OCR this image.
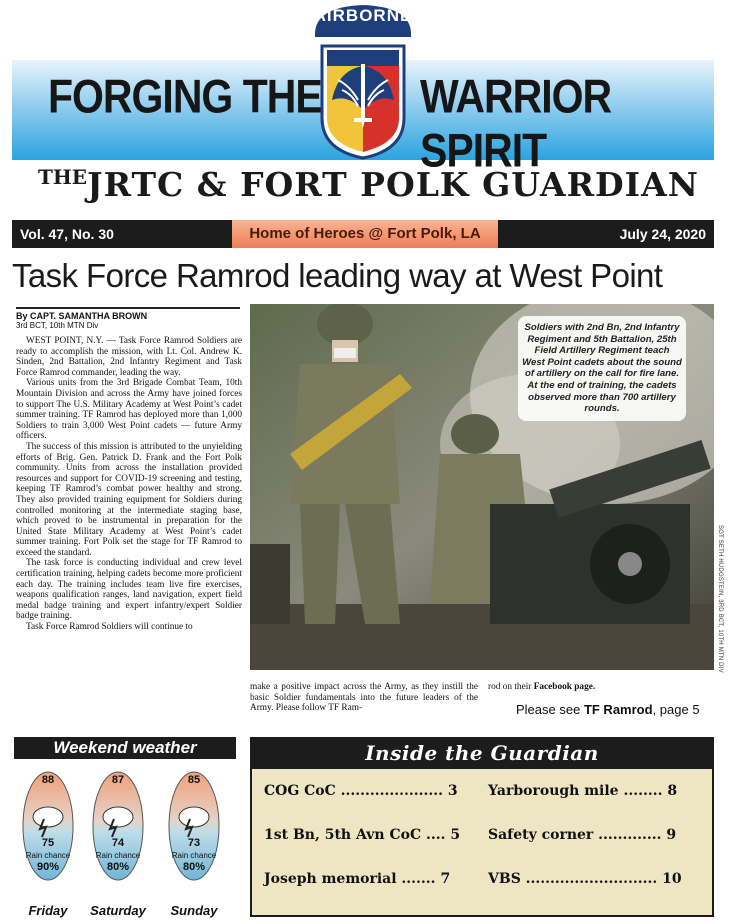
FORGING THE WARRIOR SPIRIT
AIRBORNE
THEJRTC & FORT POLK GUARDIAN
Vol. 47, No. 30	Home of Heroes @ Fort Polk, LA	July 24, 2020
Task Force Ramrod leading way at West Point
By CAPT. SAMANTHA BROWN
3rd BCT, 10th MTN Div

WEST POINT, N.Y. — Task Force Ramrod Soldiers are ready to accomplish the mission, with Lt. Col. Andrew K. Sinden, 2nd Battalion, 2nd Infantry Regiment and Task Force Ramrod commander, leading the way.

Various units from the 3rd Brigade Combat Team, 10th Mountain Division and across the Army have joined forces to support The U.S. Military Academy at West Point’s cadet summer training. TF Ramrod has deployed more than 1,000 Soldiers to train 3,000 West Point cadets — future Army officers.

The success of this mission is attributed to the unyielding efforts of Brig. Gen. Patrick D. Frank and the Fort Polk community. Units from across the installation provided resources and support for COVID-19 screening and testing, keeping TF Ramrod’s combat power healthy and strong. They also provided training equipment for Soldiers during controlled monitoring at the intermediate staging base, which proved to be instrumental in preparation for the United State Military Academy at West Point’s cadet summer training. Fort Polk set the stage for TF Ramrod to exceed the standard.

The task force is conducting individual and crew level certification training, helping cadets become more proficient each day. The training includes team live fire exercises, weapons qualification ranges, land navigation, expert field medal badge training and expert infantry/expert Soldier badge training.

Task Force Ramrod Soldiers will continue to

Soldiers with 2nd Bn, 2nd Infantry Regiment and 5th Battalion, 25th Field Artillery Regiment teach West Point cadets about the sound of artillery on the call for fire lane. At the end of training, the cadets observed more than 700 artillery rounds.
SGT SETH HUDGSTEIN, 3RD BCT, 10TH MTN DIV
make a positive impact across the Army, as they instill the basic Soldier fundamentals into the future leaders of the Army. Please follow TF Ram-
rod on their Facebook page.
Please see TF Ramrod, page 5
Weekend weather
88
75
Rain chance
90%
Friday
87
74
Rain chance
80%
Saturday
85
73
Rain chance
80%
Sunday
Inside the Guardian
COG CoC ..................... 3 Yarborough mile ........ 8
1st Bn, 5th Avn CoC .... 5 Safety corner ............. 9
Joseph memorial ....... 7	VBS ........................... 10
